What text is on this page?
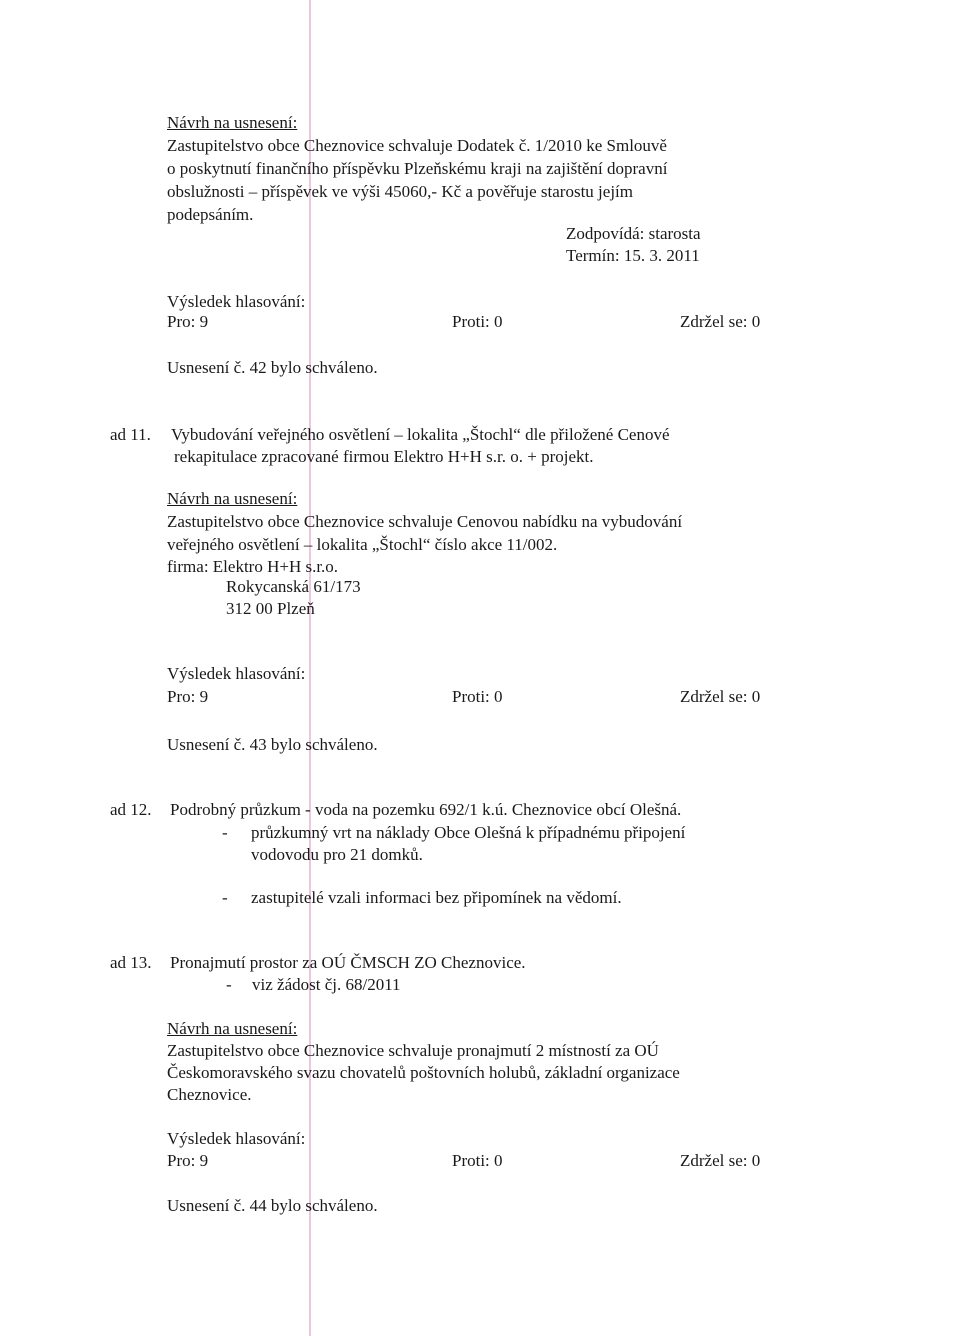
Návrh na usnesení:
Zastupitelstvo obce Cheznovice schvaluje Dodatek č. 1/2010 ke Smlouvě
o poskytnutí finančního příspěvku Plzeňskému kraji na zajištění dopravní
obslužnosti – příspěvek ve výši 45060,- Kč a pověřuje starostu jejím
podepsáním.
Zodpovídá: starosta
Termín: 15. 3. 2011
Výsledek hlasování:
Pro: 9	Proti: 0	Zdržel se: 0
Usnesení č. 42 bylo schváleno.
ad 11. Vybudování veřejného osvětlení – lokalita „Štochl“ dle přiložené Cenové
rekapitulace zpracované firmou Elektro H+H s.r. o. + projekt.
Návrh na usnesení:
Zastupitelstvo obce Cheznovice schvaluje Cenovou nabídku na vybudování
veřejného osvětlení – lokalita „Štochl“ číslo akce 11/002.
firma: Elektro H+H s.r.o.
Rokycanská 61/173
312 00 Plzeň
Výsledek hlasování:
Pro: 9	Proti: 0	Zdržel se: 0
Usnesení č. 43 bylo schváleno.
ad 12. Podrobný průzkum - voda na pozemku 692/1 k.ú. Cheznovice obcí Olešná.
- průzkumný vrt na náklady Obce Olešná k případnému připojení
vodovodu pro 21 domků.
- zastupitelé vzali informaci bez připomínek na vědomí.
ad 13. Pronajmutí prostor za OÚ ČMSCH ZO Cheznovice.
- viz žádost čj. 68/2011
Návrh na usnesení:
Zastupitelstvo obce Cheznovice schvaluje pronajmutí 2 místností za OÚ
Českomoravského svazu chovatelů poštovních holubů, základní organizace
Cheznovice.
Výsledek hlasování:
Pro: 9	Proti: 0	Zdržel se: 0
Usnesení č. 44 bylo schváleno.
